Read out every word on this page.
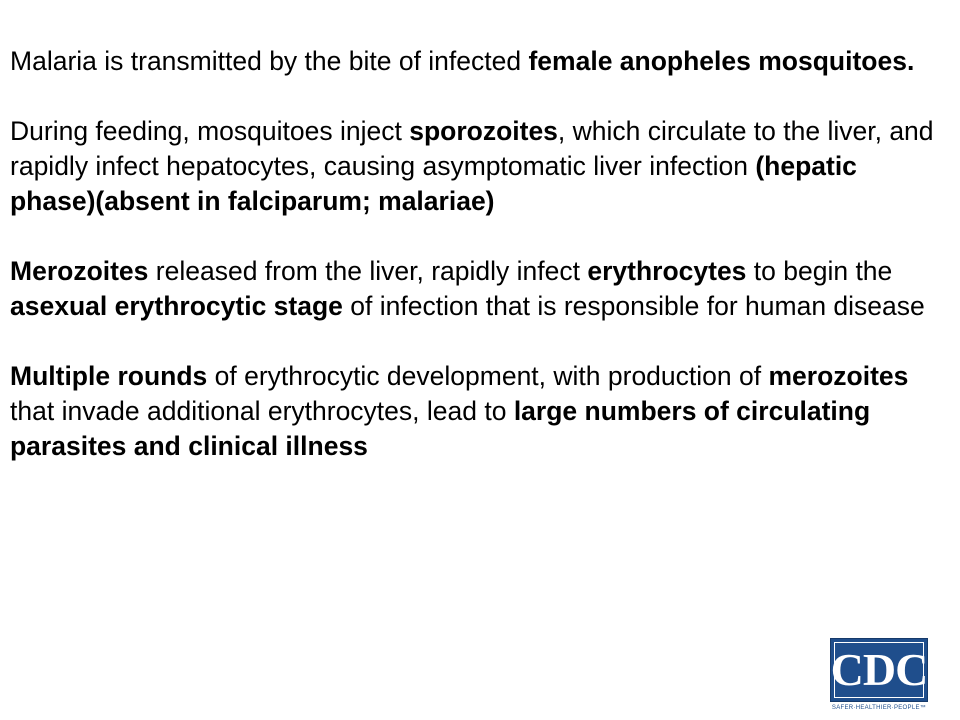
Malaria is transmitted by the bite of infected female anopheles mosquitoes.

During feeding, mosquitoes inject sporozoites, which circulate to the liver, and rapidly infect hepatocytes, causing asymptomatic liver infection (hepatic phase)(absent in falciparum; malariae)

Merozoites released from the liver, rapidly infect erythrocytes to begin the asexual erythrocytic stage of infection that is responsible for human disease

Multiple rounds of erythrocytic development, with production of merozoites that invade additional erythrocytes, lead to large numbers of circulating parasites and clinical illness

CDC
SAFER·HEALTHIER·PEOPLE™
